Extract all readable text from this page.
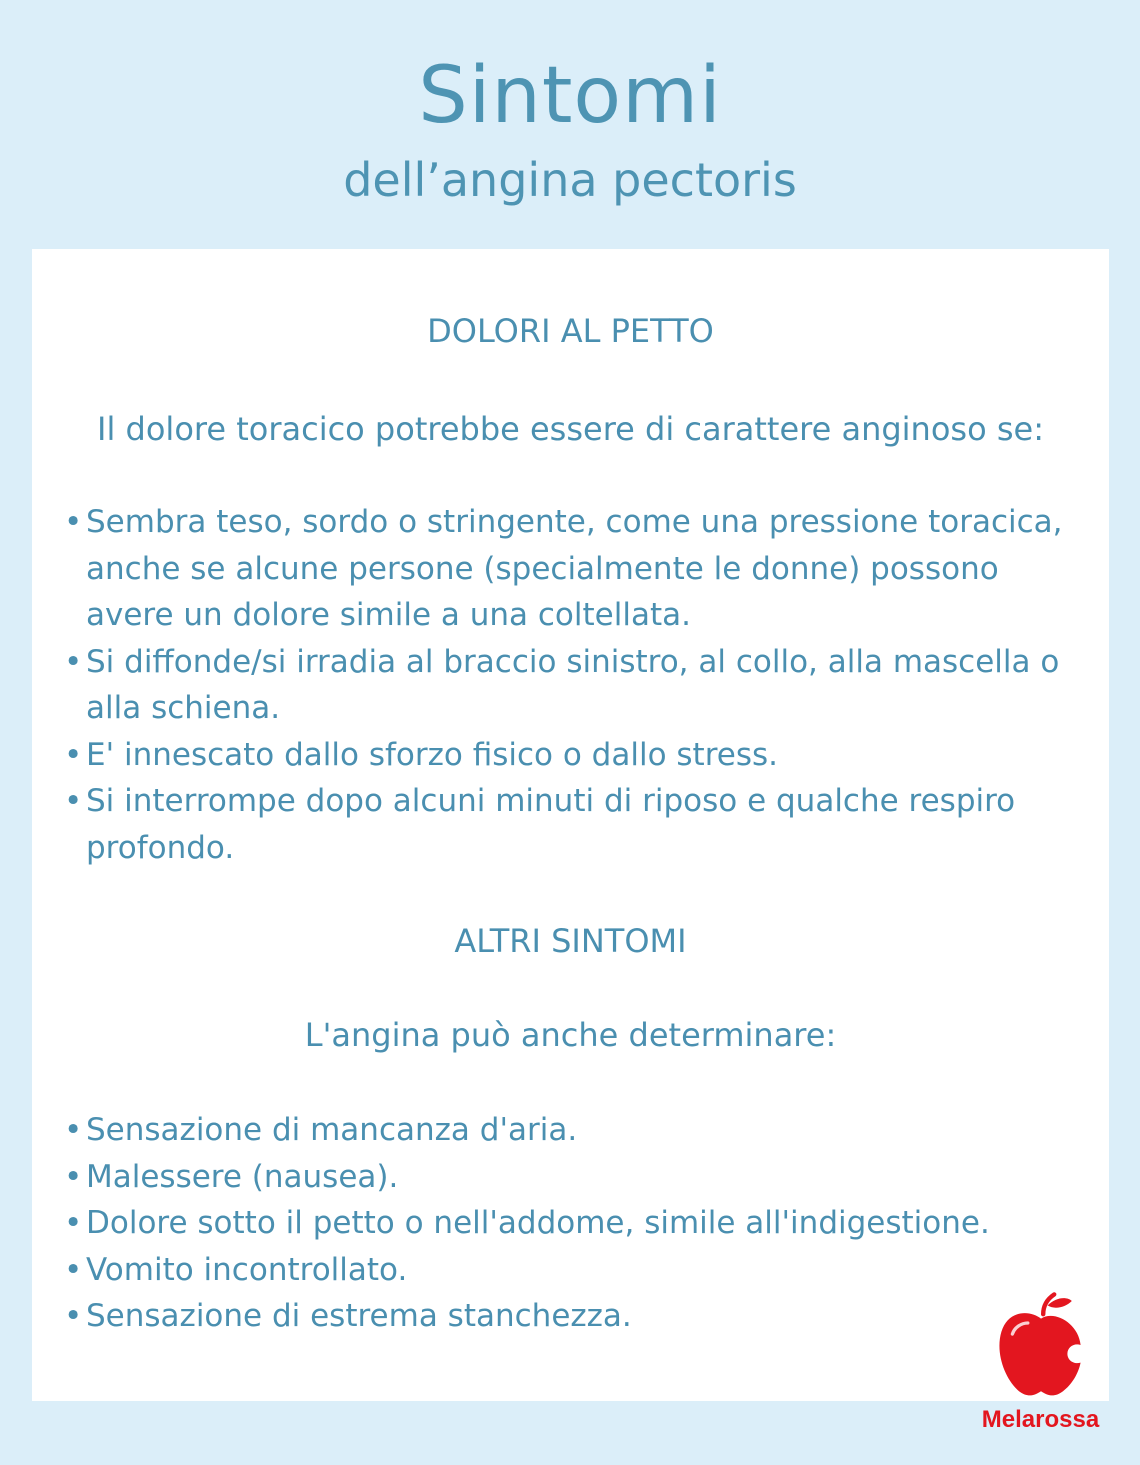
Sintomi
dell’angina pectoris
DOLORI AL PETTO
Il dolore toracico potrebbe essere di carattere anginoso se:
• Sembra teso, sordo o stringente, come una pressione toracica, anche se alcune persone (specialmente le donne) possono avere un dolore simile a una coltellata.
• Si diffonde/si irradia al braccio sinistro, al collo, alla mascella o alla schiena.
• E' innescato dallo sforzo fisico o dallo stress.
• Si interrompe dopo alcuni minuti di riposo e qualche respiro profondo.
ALTRI SINTOMI
L'angina può anche determinare:
• Sensazione di mancanza d'aria.
• Malessere (nausea).
• Dolore sotto il petto o nell'addome, simile all'indigestione.
• Vomito incontrollato.
• Sensazione di estrema stanchezza.
Melarossa
